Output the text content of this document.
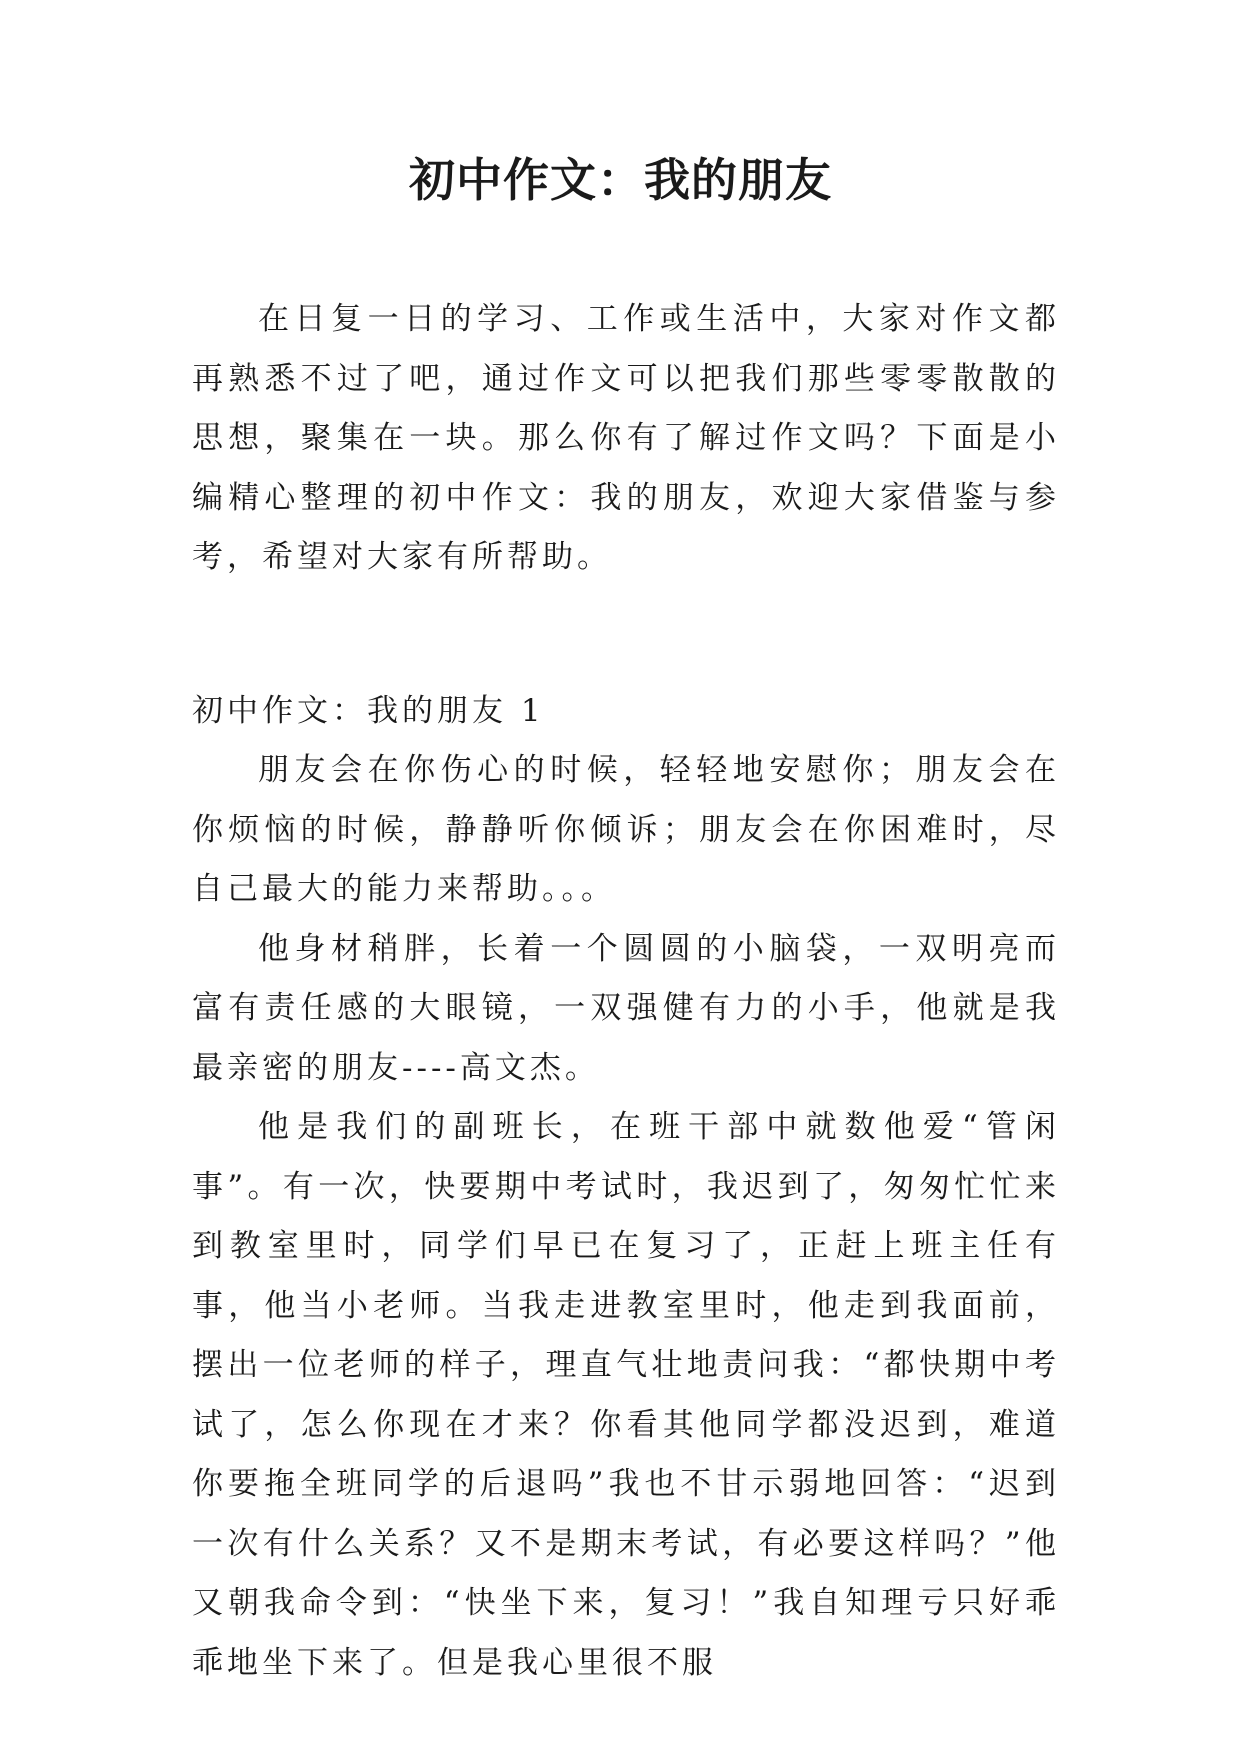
初中作文：我的朋友

在日复一日的学习、工作或生活中，大家对作文都再熟悉不过了吧，通过作文可以把我们那些零零散散的思想，聚集在一块。那么你有了解过作文吗？下面是小编精心整理的初中作文：我的朋友，欢迎大家借鉴与参考，希望对大家有所帮助。

初中作文：我的朋友 1

朋友会在你伤心的时候，轻轻地安慰你；朋友会在你烦恼的时候，静静听你倾诉；朋友会在你困难时，尽自己最大的能力来帮助。。。

他身材稍胖，长着一个圆圆的小脑袋，一双明亮而富有责任感的大眼镜，一双强健有力的小手，他就是我最亲密的朋友----高文杰。

他是我们的副班长，在班干部中就数他爱“管闲事”。有一次，快要期中考试时，我迟到了，匆匆忙忙来到教室里时，同学们早已在复习了，正赶上班主任有事，他当小老师。当我走进教室里时，他走到我面前，摆出一位老师的样子，理直气壮地责问我：“都快期中考试了，怎么你现在才来？你看其他同学都没迟到，难道你要拖全班同学的后退吗”我也不甘示弱地回答：“迟到一次有什么关系？又不是期末考试，有必要这样吗？”他又朝我命令到：“快坐下来，复习！”我自知理亏只好乖乖地坐下来了。但是我心里很不服
